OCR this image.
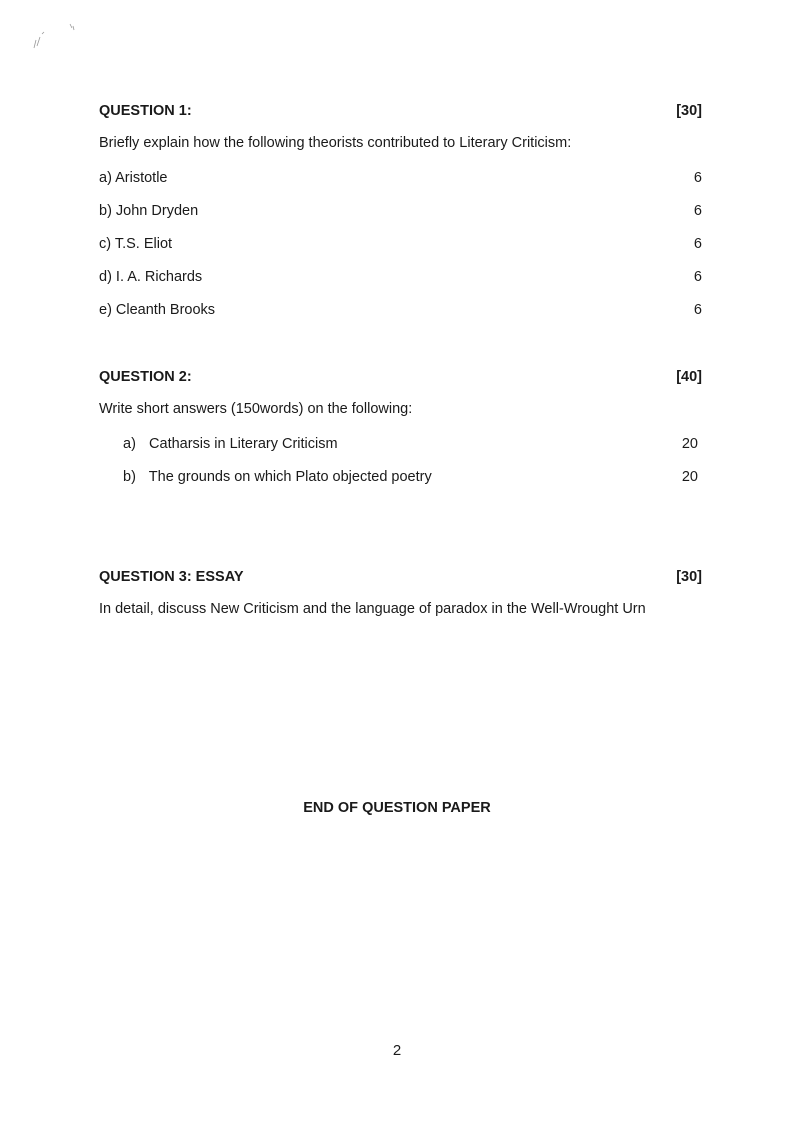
QUESTION 1:	[30]
Briefly explain how the following theorists contributed to Literary Criticism:
a) Aristotle	6
b) John Dryden	6
c) T.S. Eliot	6
d) I. A. Richards	6
e) Cleanth Brooks	6
QUESTION 2:	[40]
Write short answers (150words) on the following:
a) Catharsis in Literary Criticism	20
b) The grounds on which Plato objected poetry	20
QUESTION 3: ESSAY	[30]
In detail, discuss New Criticism and the language of paradox in the Well-Wrought Urn
END OF QUESTION PAPER
2
